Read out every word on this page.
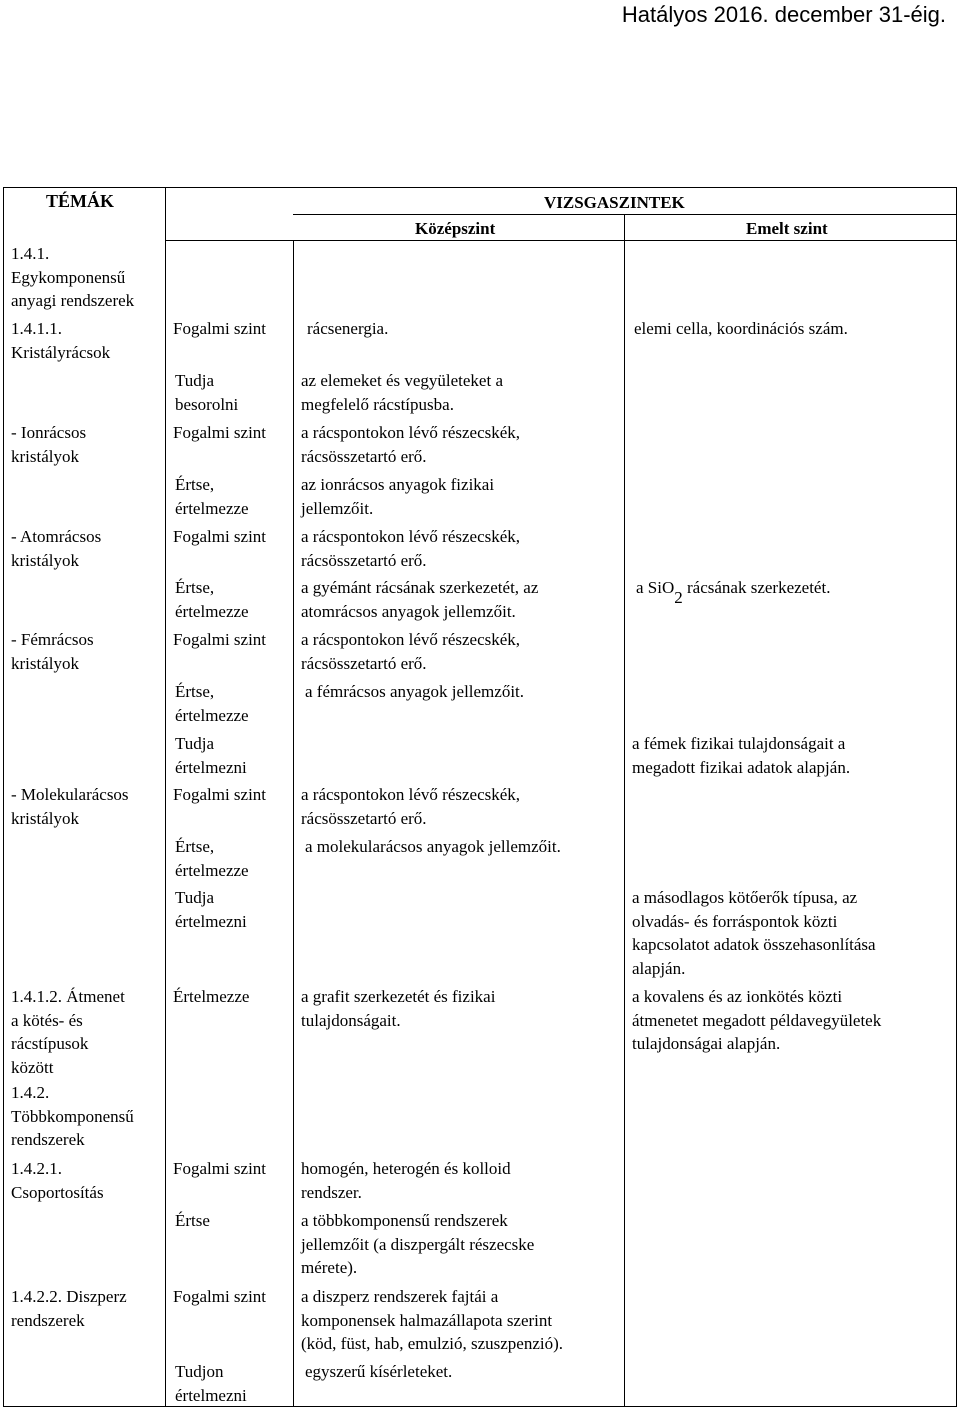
Hatályos 2016. december 31-éig.
TÉMÁK	VIZSGASZINTEK
Középszint	Emelt szint
1.4.1.
Egykomponensű
anyagi rendszerek
1.4.1.1.
Kristályrácsok
- Ionrácsos
kristályok
- Atomrácsos
kristályok
- Fémrácsos
kristályok
- Molekularácsos
kristályok
1.4.1.2. Átmenet
a kötés- és
rácstípusok
között
1.4.2.
Többkomponensű
rendszerek
1.4.2.1.
Csoportosítás
1.4.2.2. Diszperz
rendszerek
Fogalmi szint
Tudja
besorolni
Fogalmi szint
Értse,
értelmezze
Fogalmi szint
Értse,
értelmezze
Fogalmi szint
Értse,
értelmezze
Tudja
értelmezni
Fogalmi szint
Értse,
értelmezze
Tudja
értelmezni
Értelmezze
Fogalmi szint
Értse
Fogalmi szint
Tudjon
értelmezni
rácsenergia.
az elemeket és vegyületeket a
megfelelő rácstípusba.
a rácspontokon lévő részecskék,
rácsösszetartó erő.
az ionrácsos anyagok fizikai
jellemzőit.
a rácspontokon lévő részecskék,
rácsösszetartó erő.
a gyémánt rácsának szerkezetét, az
atomrácsos anyagok jellemzőit.
a rácspontokon lévő részecskék,
rácsösszetartó erő.
a fémrácsos anyagok jellemzőit.
a rácspontokon lévő részecskék,
rácsösszetartó erő.
a molekularácsos anyagok jellemzőit.
a grafit szerkezetét és fizikai
tulajdonságait.
homogén, heterogén és kolloid
rendszer.
a többkomponensű rendszerek
jellemzőit (a diszpergált részecske
mérete).
a diszperz rendszerek fajtái a
komponensek halmazállapota szerint
(köd, füst, hab, emulzió, szuszpenzió).
egyszerű kísérleteket.
elemi cella, koordinációs szám.
a SiO2 rácsának szerkezetét.
a fémek fizikai tulajdonságait a
megadott fizikai adatok alapján.
a másodlagos kötőerők típusa, az
olvadás- és forráspontok közti
kapcsolatot adatok összehasonlítása
alapján.
a kovalens és az ionkötés közti
átmenetet megadott példavegyületek
tulajdonságai alapján.
